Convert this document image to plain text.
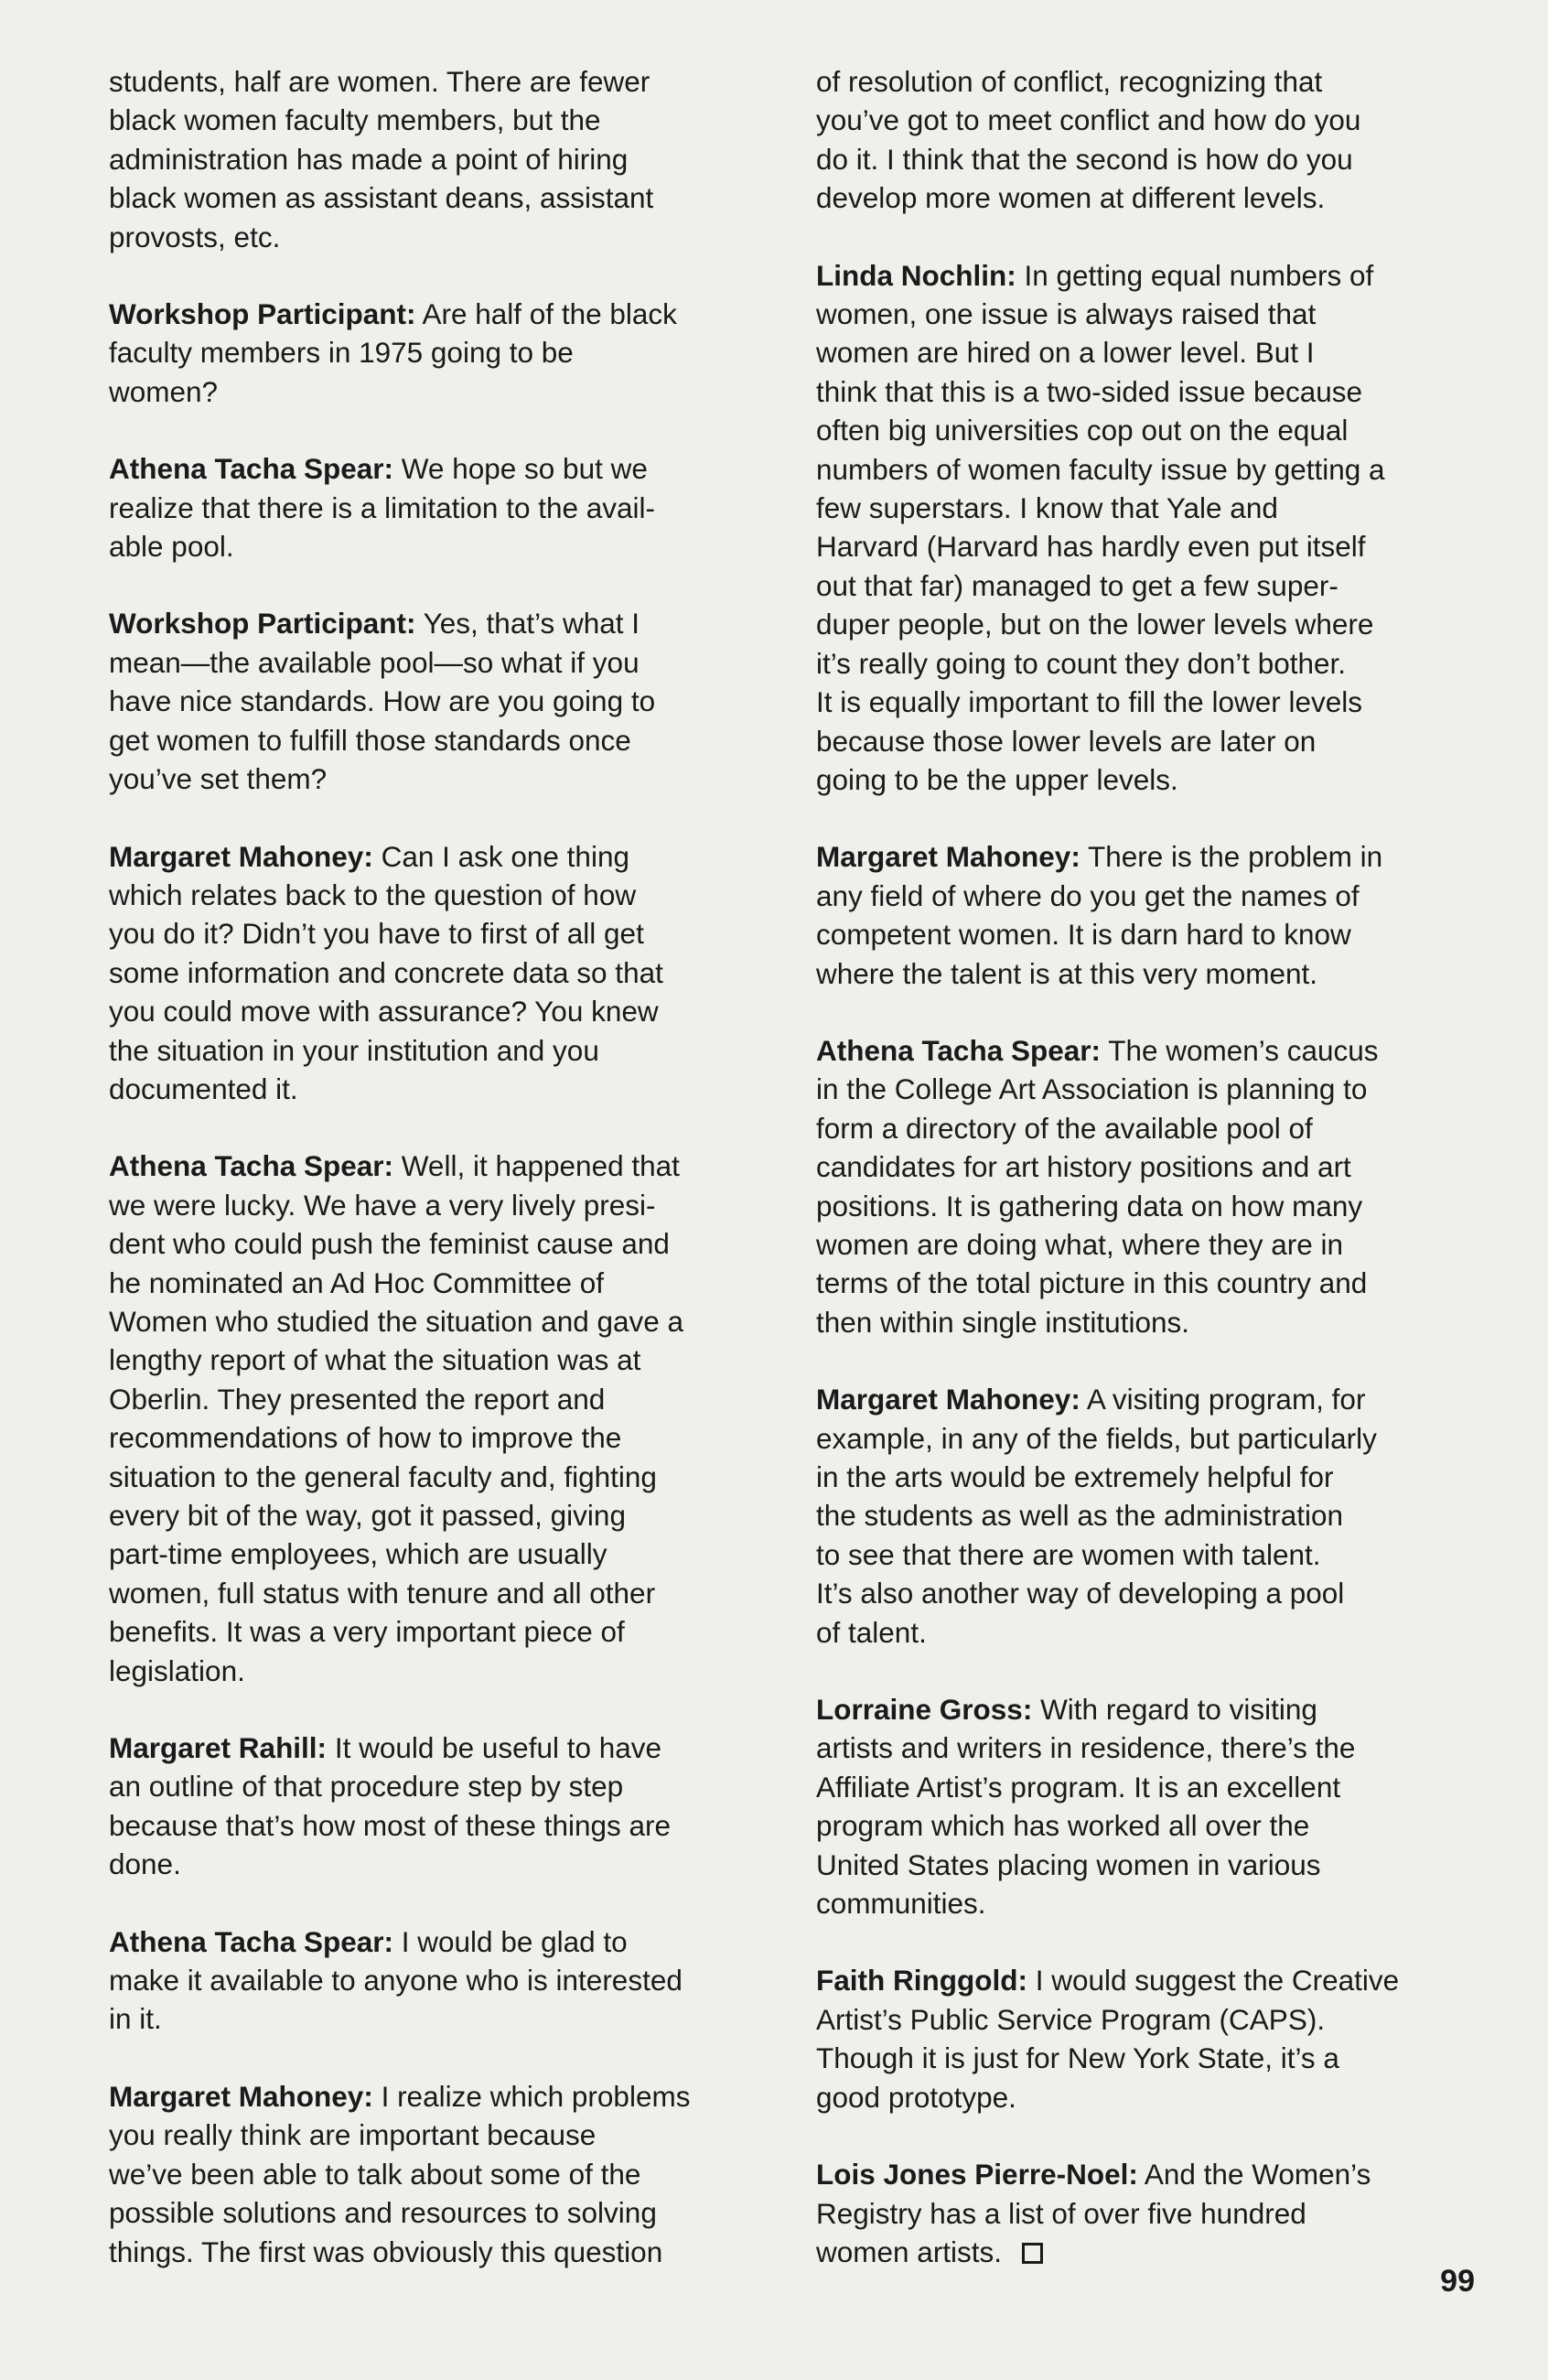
students, half are women. There are fewer
black women faculty members, but the
administration has made a point of hiring
black women as assistant deans, assistant
provosts, etc.

Workshop Participant: Are half of the black
faculty members in 1975 going to be
women?

Athena Tacha Spear: We hope so but we
realize that there is a limitation to the avail-
able pool.

Workshop Participant: Yes, that’s what I
mean—the available pool—so what if you
have nice standards. How are you going to
get women to fulfill those standards once
you’ve set them?

Margaret Mahoney: Can I ask one thing
which relates back to the question of how
you do it? Didn’t you have to first of all get
some information and concrete data so that
you could move with assurance? You knew
the situation in your institution and you
documented it.

Athena Tacha Spear: Well, it happened that
we were lucky. We have a very lively presi-
dent who could push the feminist cause and
he nominated an Ad Hoc Committee of
Women who studied the situation and gave a
lengthy report of what the situation was at
Oberlin. They presented the report and
recommendations of how to improve the
situation to the general faculty and, fighting
every bit of the way, got it passed, giving
part-time employees, which are usually
women, full status with tenure and all other
benefits. It was a very important piece of
legislation.

Margaret Rahill: It would be useful to have
an outline of that procedure step by step
because that’s how most of these things are
done.

Athena Tacha Spear: I would be glad to
make it available to anyone who is interested
in it.

Margaret Mahoney: I realize which problems
you really think are important because
we’ve been able to talk about some of the
possible solutions and resources to solving
things. The first was obviously this question

of resolution of conflict, recognizing that
you’ve got to meet conflict and how do you
do it. I think that the second is how do you
develop more women at different levels.

Linda Nochlin: In getting equal numbers of
women, one issue is always raised that
women are hired on a lower level. But I
think that this is a two-sided issue because
often big universities cop out on the equal
numbers of women faculty issue by getting a
few superstars. I know that Yale and
Harvard (Harvard has hardly even put itself
out that far) managed to get a few super-
duper people, but on the lower levels where
it’s really going to count they don’t bother.
It is equally important to fill the lower levels
because those lower levels are later on
going to be the upper levels.

Margaret Mahoney: There is the problem in
any field of where do you get the names of
competent women. It is darn hard to know
where the talent is at this very moment.

Athena Tacha Spear: The women’s caucus
in the College Art Association is planning to
form a directory of the available pool of
candidates for art history positions and art
positions. It is gathering data on how many
women are doing what, where they are in
terms of the total picture in this country and
then within single institutions.

Margaret Mahoney: A visiting program, for
example, in any of the fields, but particularly
in the arts would be extremely helpful for
the students as well as the administration
to see that there are women with talent.
It’s also another way of developing a pool
of talent.

Lorraine Gross: With regard to visiting
artists and writers in residence, there’s the
Affiliate Artist’s program. It is an excellent
program which has worked all over the
United States placing women in various
communities.

Faith Ringgold: I would suggest the Creative
Artist’s Public Service Program (CAPS).
Though it is just for New York State, it’s a
good prototype.

Lois Jones Pierre-Noel: And the Women’s
Registry has a list of over five hundred
women artists.

99
